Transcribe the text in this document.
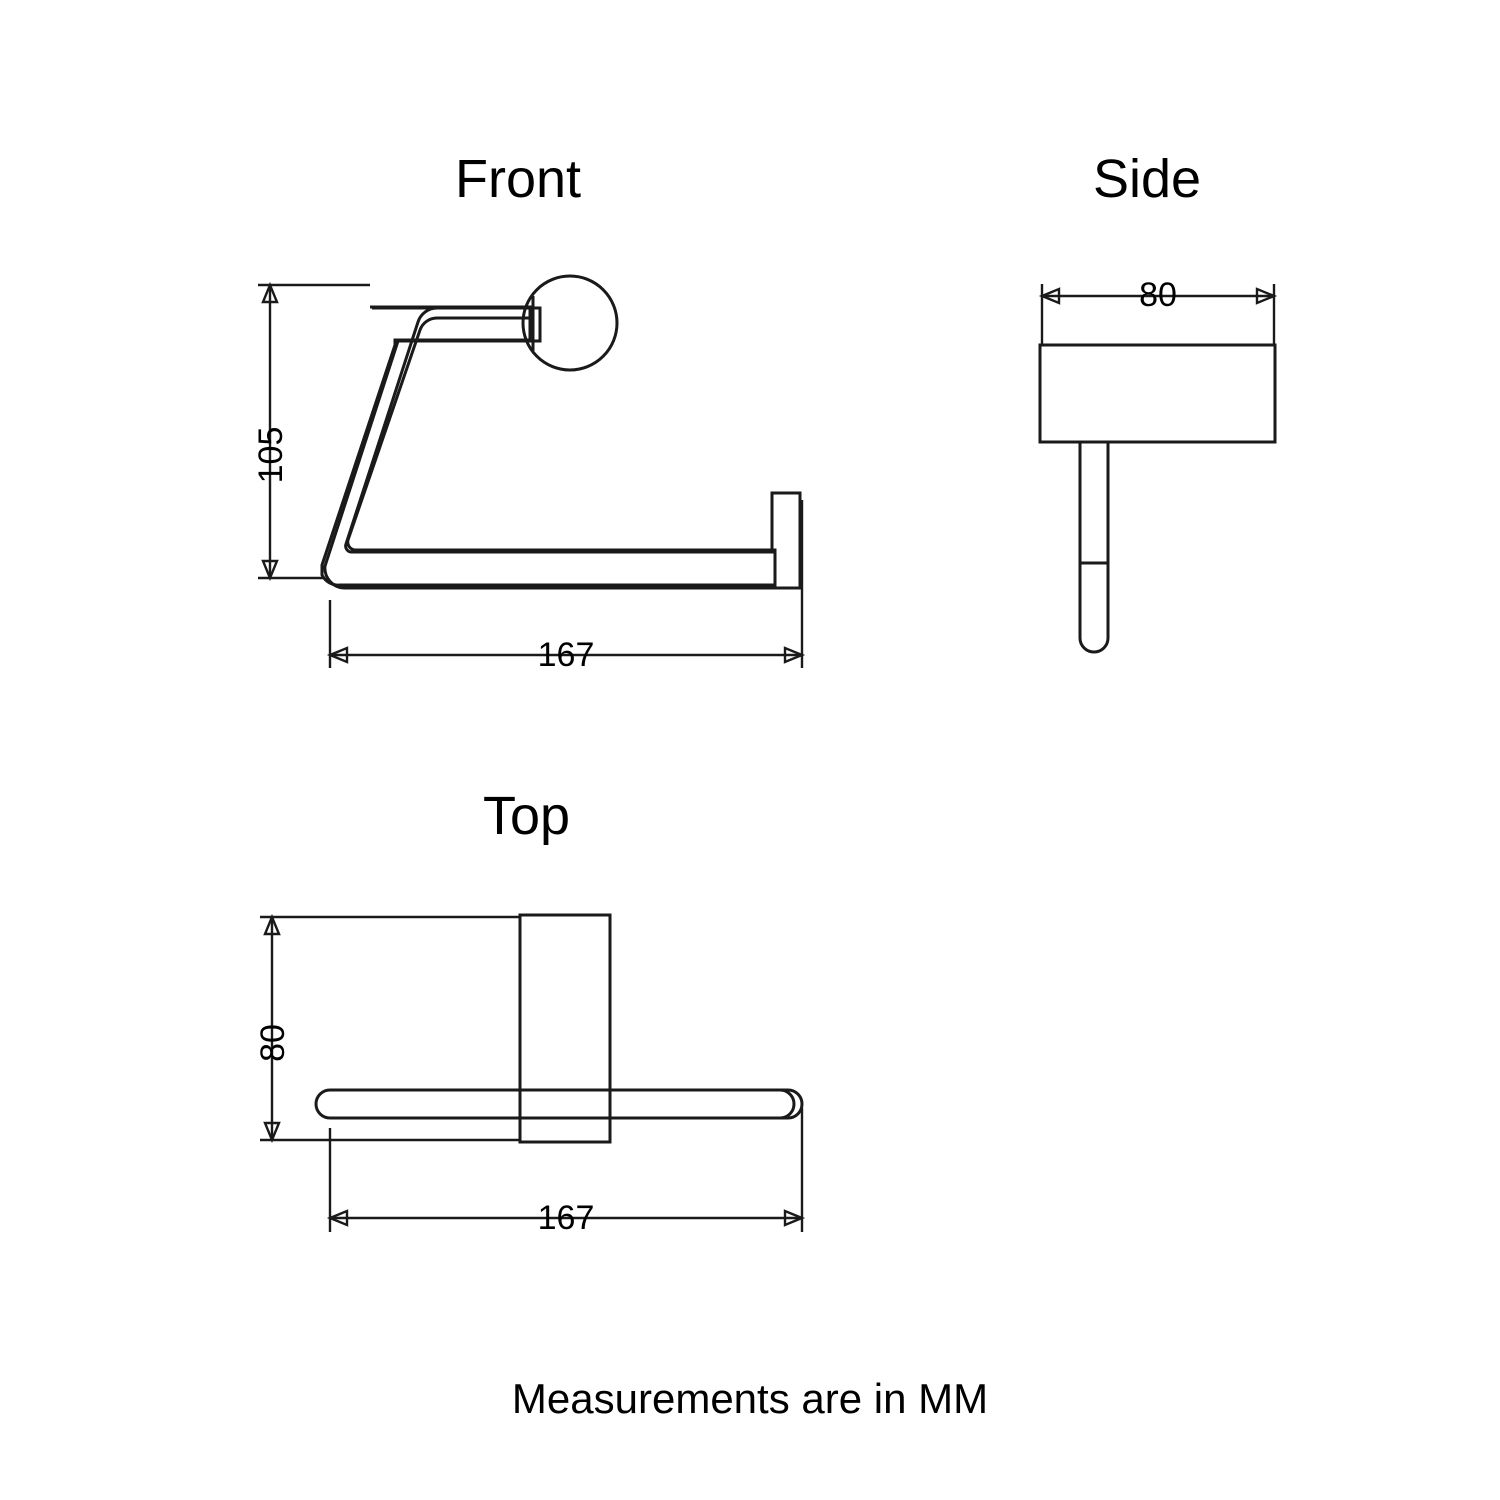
Front	Side
Top
105
167
80
80
167
Measurements are in MM
